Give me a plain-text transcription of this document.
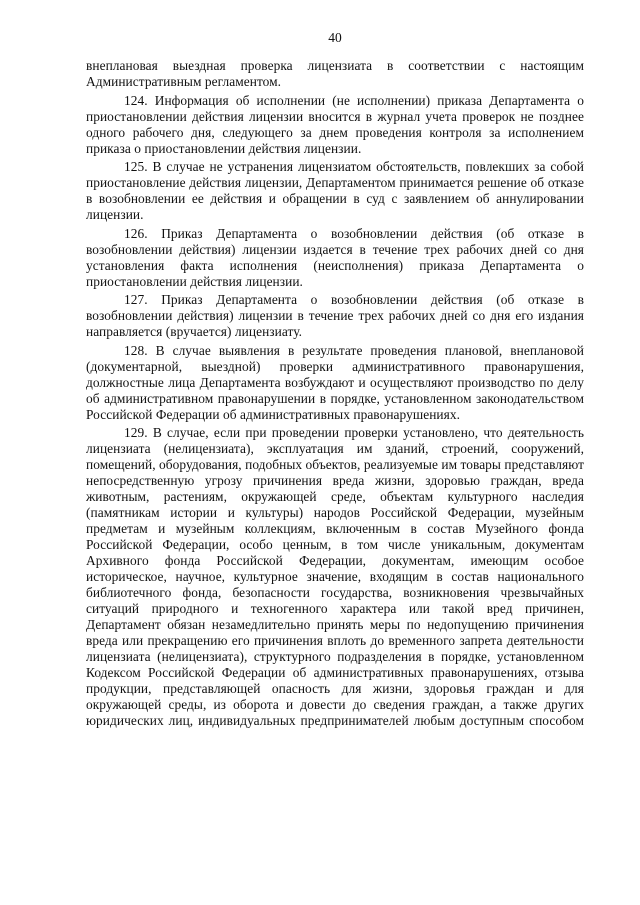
40

внеплановая выездная проверка лицензиата в соответствии с настоящим Административным регламентом.

124. Информация об исполнении (не исполнении) приказа Департамента о приостановлении действия лицензии вносится в журнал учета проверок не позднее одного рабочего дня, следующего за днем проведения контроля за исполнением приказа о приостановлении действия лицензии.

125. В случае не устранения лицензиатом обстоятельств, повлекших за собой приостановление действия лицензии, Департаментом принимается решение об отказе в возобновлении ее действия и обращении в суд с заявлением об аннулировании лицензии.

126. Приказ Департамента о возобновлении действия (об отказе в возобновлении действия) лицензии издается в течение трех рабочих дней со дня установления факта исполнения (неисполнения) приказа Департамента о приостановлении действия лицензии.

127. Приказ Департамента о возобновлении действия (об отказе в возобновлении действия) лицензии в течение трех рабочих дней со дня его издания направляется (вручается) лицензиату.

128. В случае выявления в результате проведения плановой, внеплановой (документарной, выездной) проверки административного правонарушения, должностные лица Департамента возбуждают и осуществляют производство по делу об административном правонарушении в порядке, установленном законодательством Российской Федерации об административных правонарушениях.

129. В случае, если при проведении проверки установлено, что деятельность лицензиата (нелицензиата), эксплуатация им зданий, строений, сооружений, помещений, оборудования, подобных объектов, реализуемые им товары представляют непосредственную угрозу причинения вреда жизни, здоровью граждан, вреда животным, растениям, окружающей среде, объектам культурного наследия (памятникам истории и культуры) народов Российской Федерации, музейным предметам и музейным коллекциям, включенным в состав Музейного фонда Российской Федерации, особо ценным, в том числе уникальным, документам Архивного фонда Российской Федерации, документам, имеющим особое историческое, научное, культурное значение, входящим в состав национального библиотечного фонда, безопасности государства, возникновения чрезвычайных ситуаций природного и техногенного характера или такой вред причинен, Департамент обязан незамедлительно принять меры по недопущению причинения вреда или прекращению его причинения вплоть до временного запрета деятельности лицензиата (нелицензиата), структурного подразделения в порядке, установленном Кодексом Российской Федерации об административных правонарушениях, отзыва продукции, представляющей опасность для жизни, здоровья граждан и для окружающей среды, из оборота и довести до сведения граждан, а также других юридических лиц, индивидуальных предпринимателей любым доступным способом
